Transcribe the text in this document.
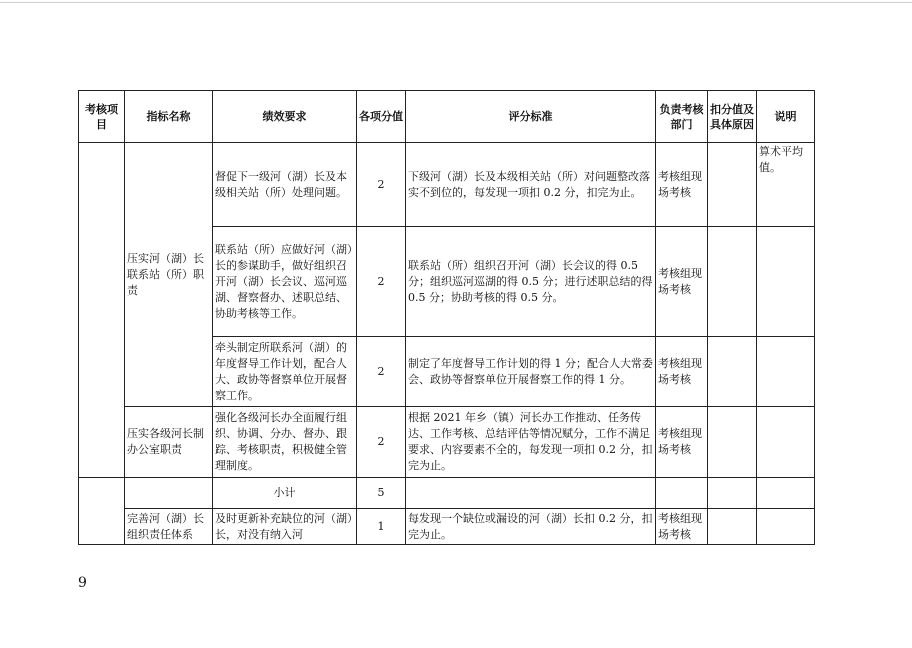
考核项目	指标名称	绩效要求	各项分值	评分标准	负责考核部门	扣分值及具体原因	说明
	压实河（湖）长联系站（所）职责	督促下一级河（湖）长及本级相关站（所）处理问题。	2	下级河（湖）长及本级相关站（所）对问题整改落实不到位的，每发现一项扣 0.2 分，扣完为止。	考核组现场考核		算术平均值。
		联系站（所）应做好河（湖）长的参谋助手，做好组织召开河（湖）长会议、巡河巡湖、督察督办、述职总结、协助考核等工作。	2	联系站（所）组织召开河（湖）长会议的得 0.5 分；组织巡河巡湖的得 0.5 分；进行述职总结的得 0.5 分；协助考核的得 0.5 分。	考核组现场考核		
		牵头制定所联系河（湖）的年度督导工作计划，配合人大、政协等督察单位开展督察工作。	2	制定了年度督导工作计划的得 1 分；配合人大常委会、政协等督察单位开展督察工作的得 1 分。	考核组现场考核		
	压实各级河长制办公室职责	强化各级河长办全面履行组织、协调、分办、督办、跟踪、考核职责，积极健全管理制度。	2	根据 2021 年乡（镇）河长办工作推动、任务传达、工作考核、总结评估等情况赋分，工作不满足要求、内容要素不全的，每发现一项扣 0.2 分，扣完为止。	考核组现场考核		
		小计	5				
	完善河（湖）长组织责任体系	及时更新补充缺位的河（湖）长，对没有纳入河	1	每发现一个缺位或漏设的河（湖）长扣 0.2 分，扣完为止。	考核组现场考核		
9
